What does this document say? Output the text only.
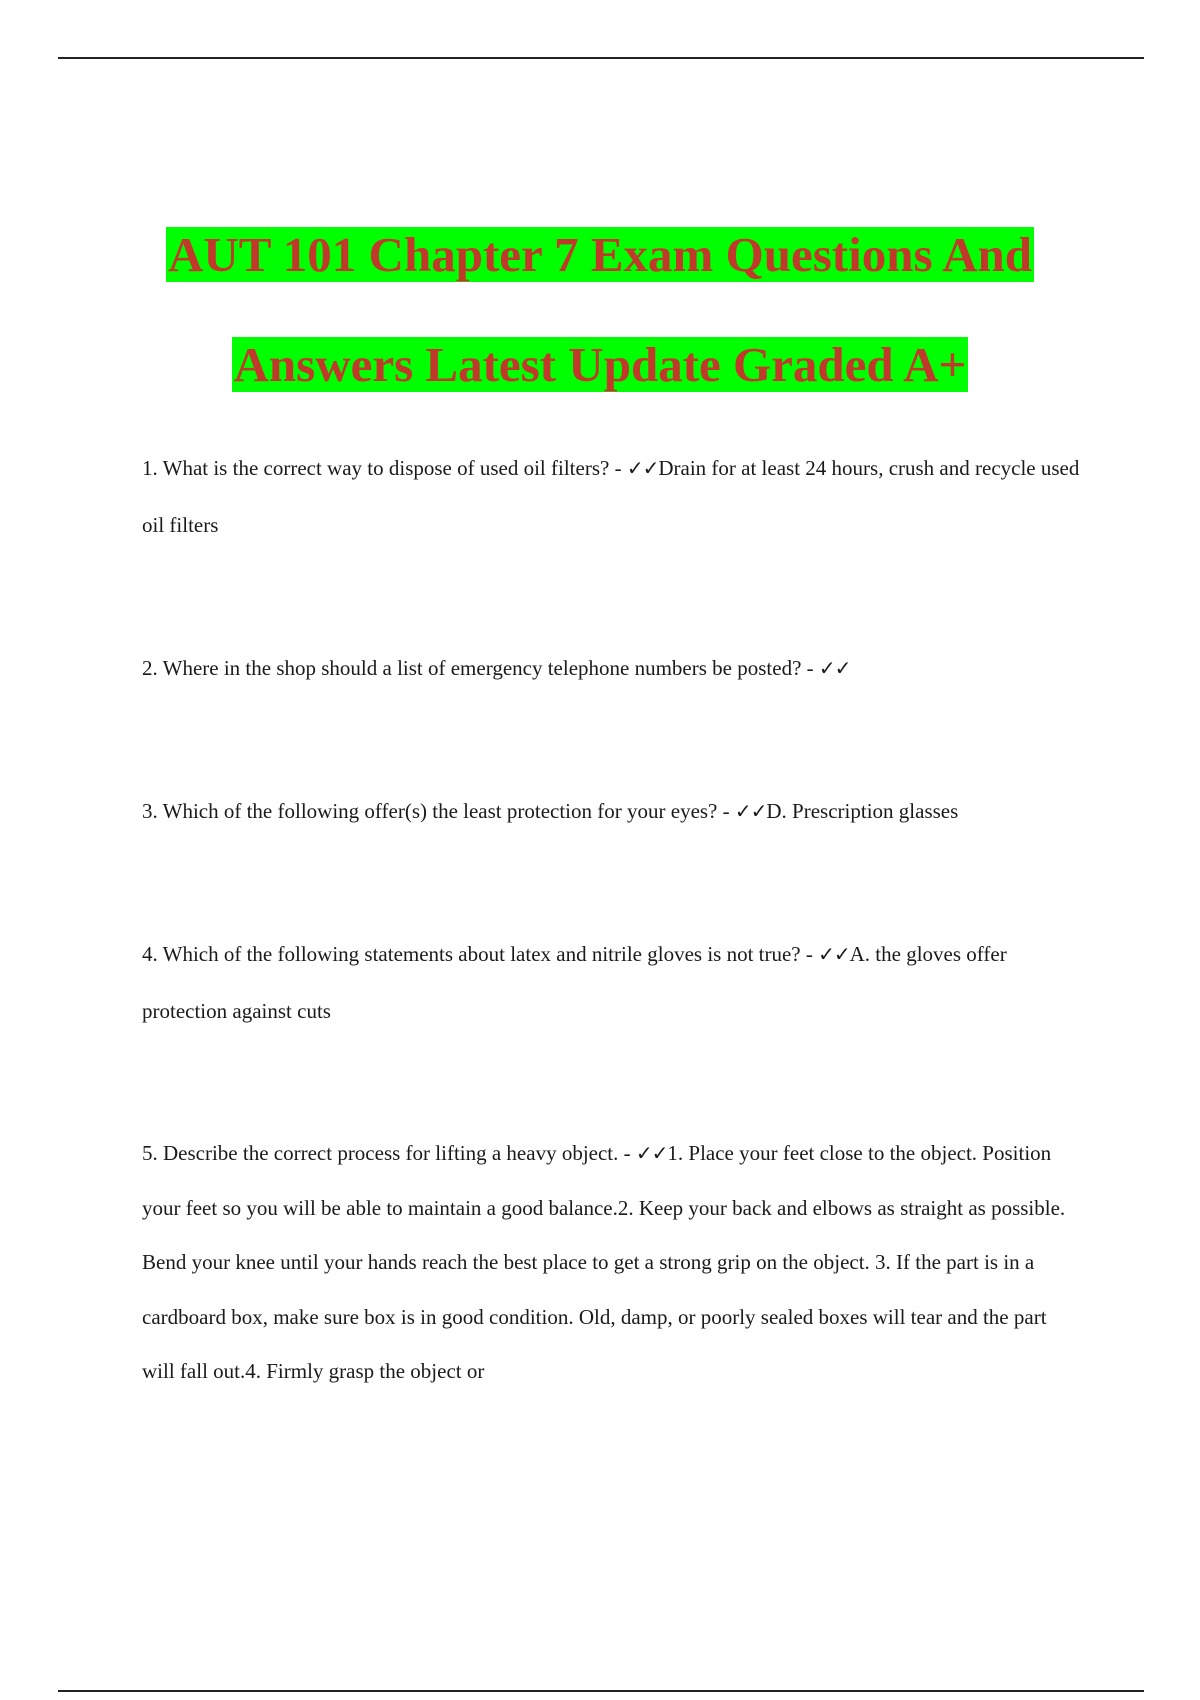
AUT 101 Chapter 7 Exam Questions And
Answers Latest Update Graded A+

1. What is the correct way to dispose of used oil filters? - ✓✓Drain for at least 24 hours, crush and recycle used oil filters

2. Where in the shop should a list of emergency telephone numbers be posted? - ✓✓

3. Which of the following offer(s) the least protection for your eyes? - ✓✓D. Prescription glasses

4. Which of the following statements about latex and nitrile gloves is not true? - ✓✓A. the gloves offer protection against cuts

5. Describe the correct process for lifting a heavy object. - ✓✓1. Place your feet close to the object. Position your feet so you will be able to maintain a good balance.2. Keep your back and elbows as straight as possible. Bend your knee until your hands reach the best place to get a strong grip on the object. 3. If the part is in a cardboard box, make sure box is in good condition. Old, damp, or poorly sealed boxes will tear and the part will fall out.4. Firmly grasp the object or
